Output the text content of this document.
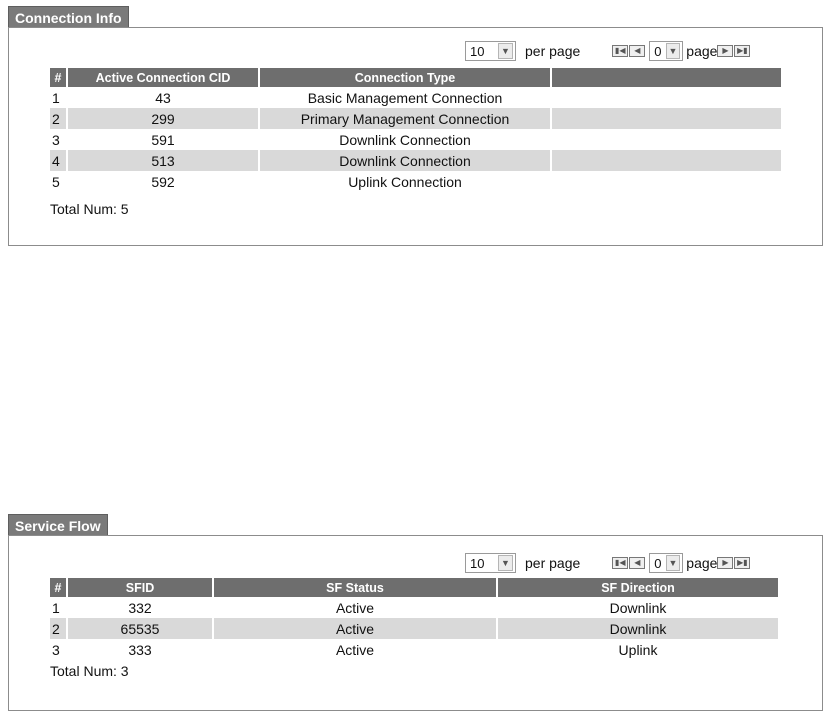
Connection Info
10	▼ per page	▮◀	◀	0 ▼ page ▶	▶▮
#	Active Connection CID	Connection Type	
1	43	Basic Management Connection	
2	299	Primary Management Connection	
3	591	Downlink Connection	
4	513	Downlink Connection	
5	592	Uplink Connection	
Total Num: 5
Service Flow
10	▼ per page	▮◀	◀	0 ▼ page ▶	▶▮
#	SFID	SF Status	SF Direction
1	332	Active	Downlink
2	65535	Active	Downlink
3	333	Active	Uplink
Total Num: 3
